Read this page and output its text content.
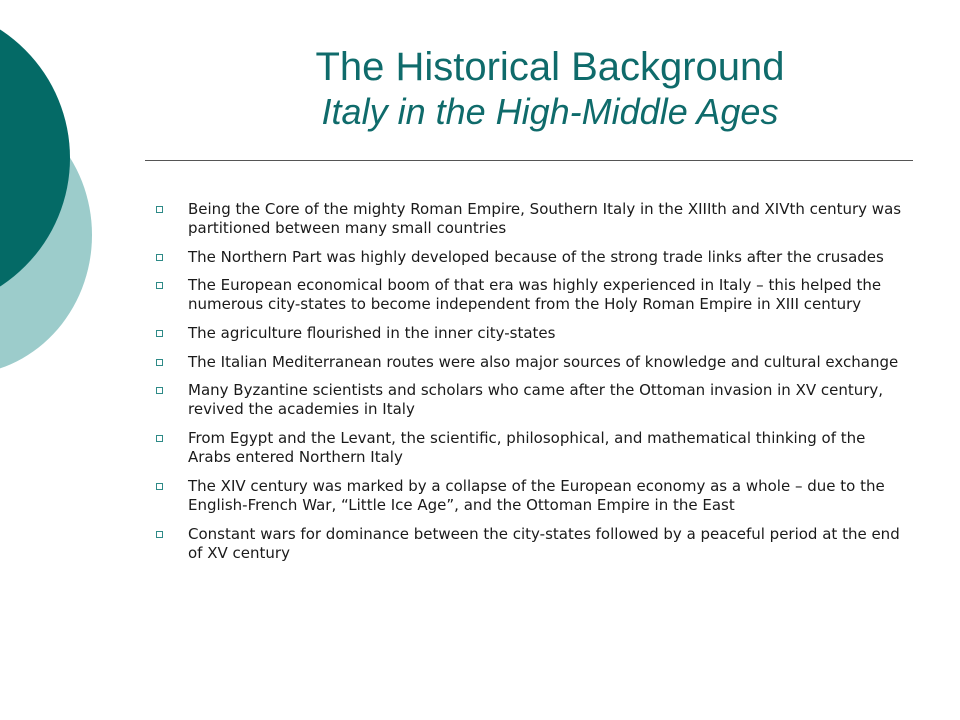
The Historical Background
Italy in the High-Middle Ages
Being the Core of the mighty Roman Empire, Southern Italy in the XIIIth and XIVth century was partitioned between many small countries
The Northern Part was highly developed because of the strong trade links after the crusades
The European economical boom of that era was highly experienced in Italy – this helped the numerous city-states to become independent from the Holy Roman Empire in XIII century
The agriculture flourished in the inner city-states
The Italian Mediterranean routes were also major sources of knowledge and cultural exchange
Many Byzantine scientists and scholars who came after the Ottoman invasion in XV century, revived the academies in Italy
From Egypt and the Levant, the scientific, philosophical, and mathematical thinking of the Arabs entered Northern Italy
The XIV century was marked by a collapse of the European economy as a whole – due to the English-French War, “Little Ice Age”, and the Ottoman Empire in the East
Constant wars for dominance between the city-states followed by a peaceful period at the end of XV century
